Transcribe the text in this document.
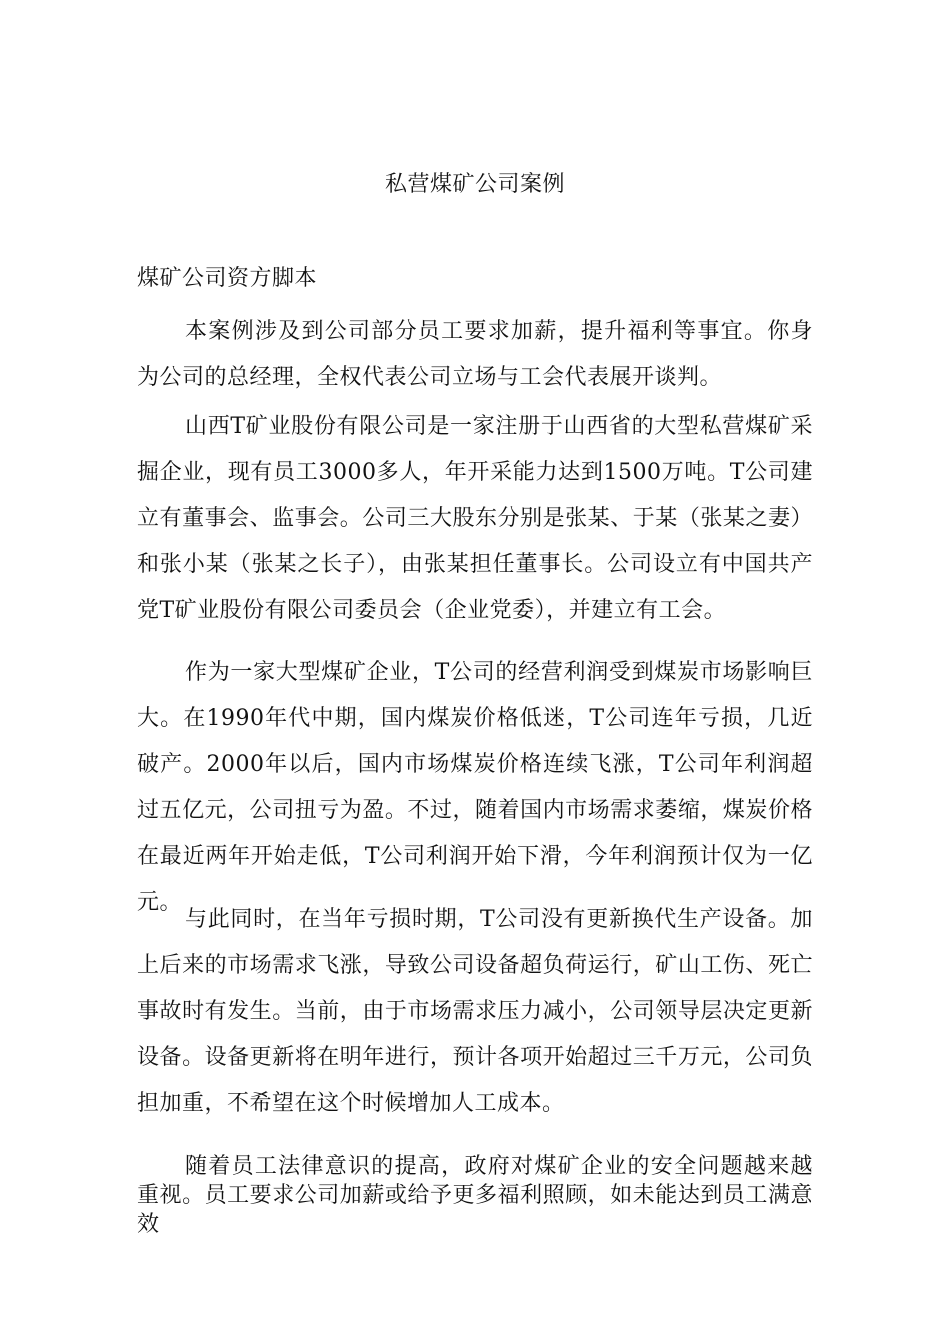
私营煤矿公司案例
煤矿公司资方脚本

本案例涉及到公司部分员工要求加薪，提升福利等事宜。你身为公司的总经理，全权代表公司立场与工会代表展开谈判。

山西T矿业股份有限公司是一家注册于山西省的大型私营煤矿采掘企业，现有员工3000多人，年开采能力达到1500万吨。T公司建立有董事会、监事会。公司三大股东分别是张某、于某（张某之妻）和张小某（张某之长子），由张某担任董事长。公司设立有中国共产党T矿业股份有限公司委员会（企业党委），并建立有工会。

作为一家大型煤矿企业，T公司的经营利润受到煤炭市场影响巨大。在1990年代中期，国内煤炭价格低迷，T公司连年亏损，几近破产。2000年以后，国内市场煤炭价格连续飞涨，T公司年利润超过五亿元，公司扭亏为盈。不过，随着国内市场需求萎缩，煤炭价格在最近两年开始走低，T公司利润开始下滑，今年利润预计仅为一亿元。

与此同时，在当年亏损时期，T公司没有更新换代生产设备。加上后来的市场需求飞涨，导致公司设备超负荷运行，矿山工伤、死亡事故时有发生。当前，由于市场需求压力减小，公司领导层决定更新设备。设备更新将在明年进行，预计各项开始超过三千万元，公司负担加重，不希望在这个时候增加人工成本。

随着员工法律意识的提高，政府对煤矿企业的安全问题越来越重视。员工要求公司加薪或给予更多福利照顾，如未能达到员工满意效
